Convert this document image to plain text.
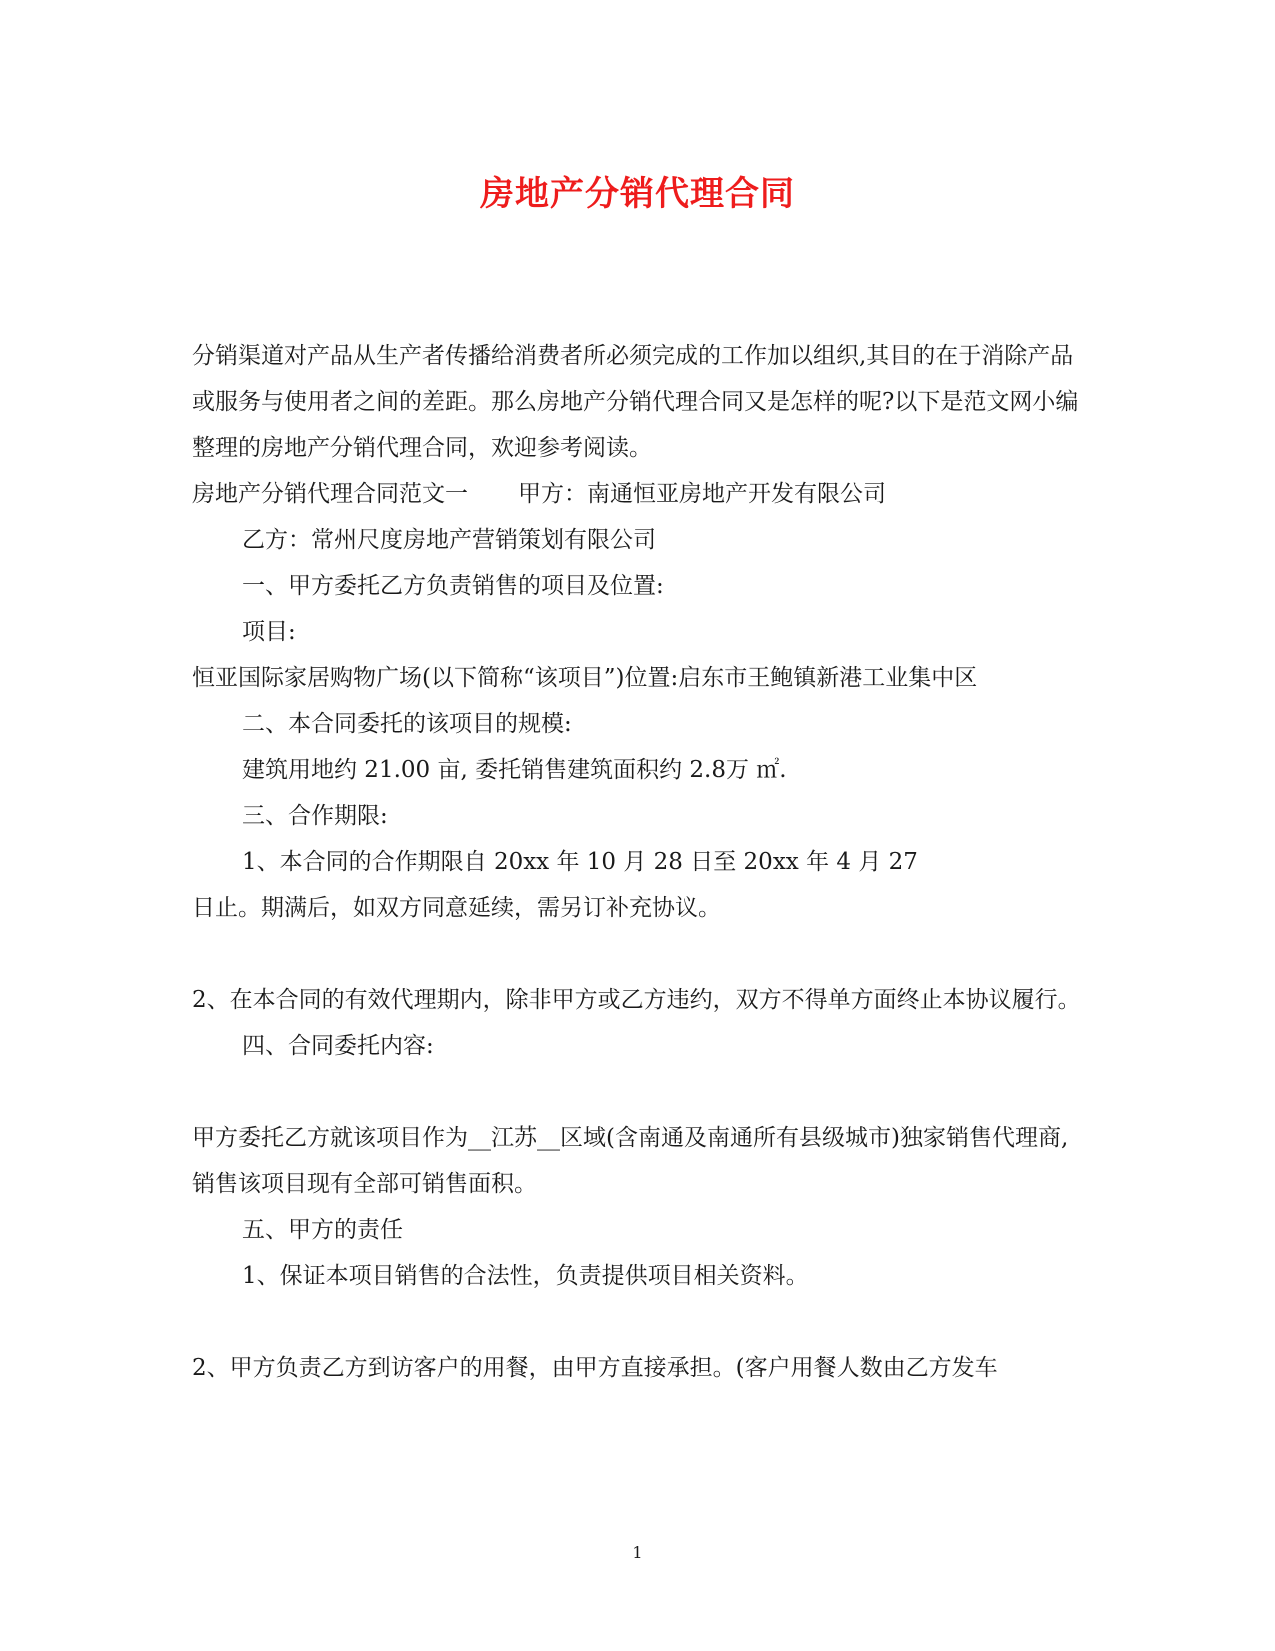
房地产分销代理合同

分销渠道对产品从生产者传播给消费者所必须完成的工作加以组织,其目的在于消除产品或服务与使用者之间的差距。那么房地产分销代理合同又是怎样的呢?以下是范文网小编整理的房地产分销代理合同，欢迎参考阅读。

房地产分销代理合同范文一 甲方：南通恒亚房地产开发有限公司

乙方：常州尺度房地产营销策划有限公司

一、甲方委托乙方负责销售的项目及位置:

项目:

恒亚国际家居购物广场(以下简称“该项目”)位置:启东市王鲍镇新港工业集中区

二、本合同委托的该项目的规模:

建筑用地约 21.00 亩, 委托销售建筑面积约 2.8万 ㎡.

三、合作期限:

1、本合同的合作期限自 20xx 年 10 月 28 日至 20xx 年 4 月 27

日止。期满后，如双方同意延续，需另订补充协议。

2、在本合同的有效代理期内，除非甲方或乙方违约，双方不得单方面终止本协议履行。

四、合同委托内容:

甲方委托乙方就该项目作为__江苏__区域(含南通及南通所有县级城市)独家销售代理商, 销售该项目现有全部可销售面积。

五、甲方的责任

1、保证本项目销售的合法性，负责提供项目相关资料。

2、甲方负责乙方到访客户的用餐，由甲方直接承担。(客户用餐人数由乙方发车

1
